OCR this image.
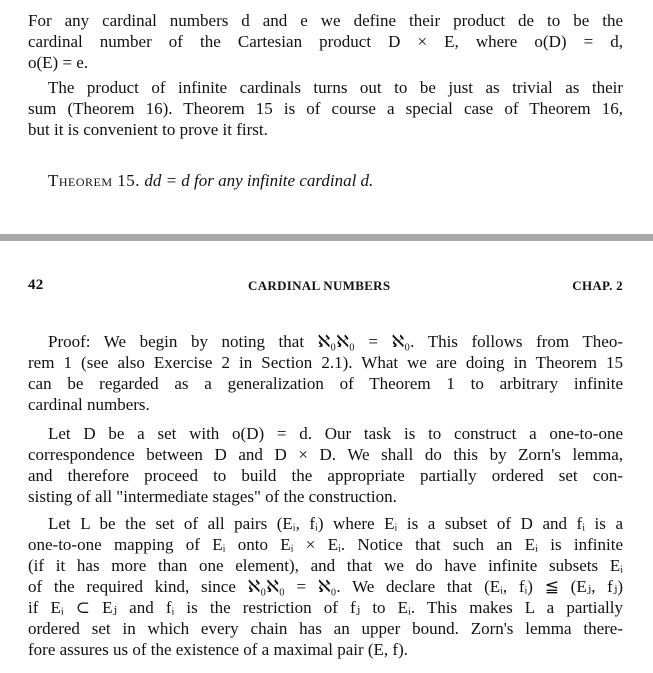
For any cardinal numbers d and e we define their product de to be the
cardinal number of the Cartesian product D × E, where o(D) = d,
o(E) = e.
The product of infinite cardinals turns out to be just as trivial as their
sum (Theorem 16). Theorem 15 is of course a special case of Theorem 16,
but it is convenient to prove it first.

Theorem 15. dd = d for any infinite cardinal d.

42	CARDINAL NUMBERS	CHAP. 2
Proof: We begin by noting that ℵ₀ℵ₀ = ℵ₀. This follows from Theo-
rem 1 (see also Exercise 2 in Section 2.1). What we are doing in Theorem 15
can be regarded as a generalization of Theorem 1 to arbitrary infinite
cardinal numbers.
Let D be a set with o(D) = d. Our task is to construct a one-to-one
correspondence between D and D × D. We shall do this by Zorn's lemma,
and therefore proceed to build the appropriate partially ordered set con-
sisting of all "intermediate stages" of the construction.
Let L be the set of all pairs (Eᵢ, fᵢ) where Eᵢ is a subset of D and fᵢ is a
one-to-one mapping of Eᵢ onto Eᵢ × Eᵢ. Notice that such an Eᵢ is infinite
(if it has more than one element), and that we do have infinite subsets Eᵢ
of the required kind, since ℵ₀ℵ₀ = ℵ₀. We declare that (Eᵢ, fᵢ) ≦ (Eⱼ, fⱼ)
if Eᵢ ⊂ Eⱼ and fᵢ is the restriction of fⱼ to Eᵢ. This makes L a partially
ordered set in which every chain has an upper bound. Zorn's lemma there-
fore assures us of the existence of a maximal pair (E, f).
